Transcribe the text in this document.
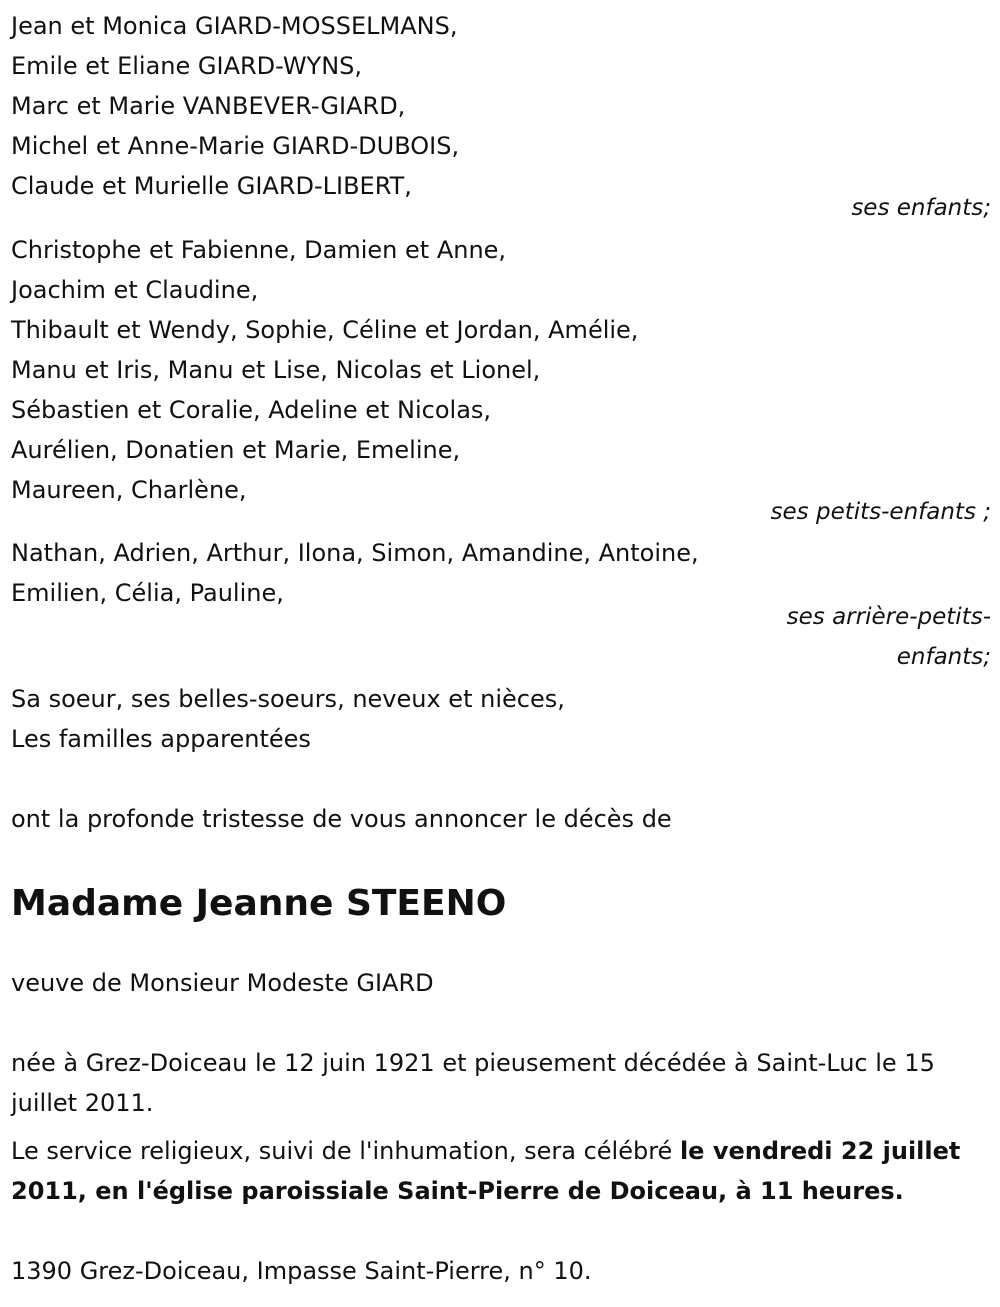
Jean et Monica GIARD-MOSSELMANS,
Emile et Eliane GIARD-WYNS,
Marc et Marie VANBEVER-GIARD,
Michel et Anne-Marie GIARD-DUBOIS,
Claude et Murielle GIARD-LIBERT,
ses enfants;
Christophe et Fabienne, Damien et Anne,
Joachim et Claudine,
Thibault et Wendy, Sophie, Céline et Jordan, Amélie,
Manu et Iris, Manu et Lise, Nicolas et Lionel,
Sébastien et Coralie, Adeline et Nicolas,
Aurélien, Donatien et Marie, Emeline,
Maureen, Charlène,
ses petits-enfants ;
Nathan, Adrien, Arthur, Ilona, Simon, Amandine, Antoine,
Emilien, Célia, Pauline,
ses arrière-petits-
enfants;
Sa soeur, ses belles-soeurs, neveux et nièces,
Les familles apparentées
ont la profonde tristesse de vous annoncer le décès de
Madame Jeanne STEENO
veuve de Monsieur Modeste GIARD
née à Grez-Doiceau le 12 juin 1921 et pieusement décédée à Saint-Luc le 15 juillet 2011.
Le service religieux, suivi de l'inhumation, sera célébré le vendredi 22 juillet 2011, en l'église paroissiale Saint-Pierre de Doiceau, à 11 heures.
1390 Grez-Doiceau, Impasse Saint-Pierre, n° 10.
